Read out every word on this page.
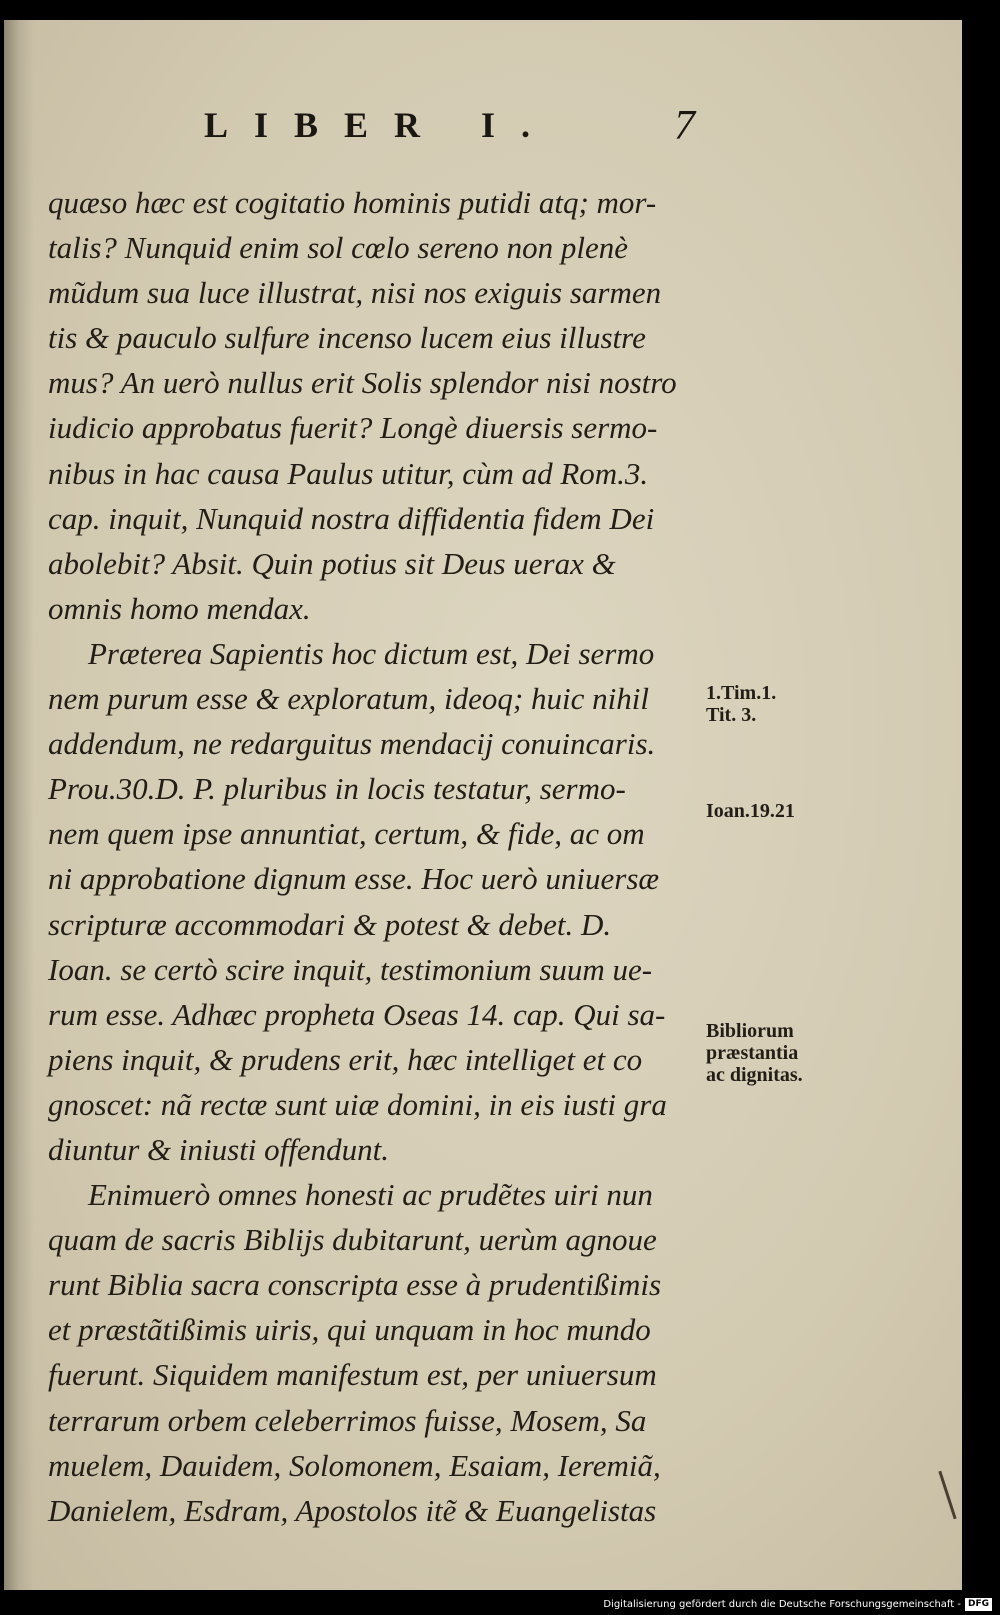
LIBER I.	7
quæso hæc est cogitatio hominis putidi atq; mor-
talis? Nunquid enim sol cœlo sereno non plenè
mũdum sua luce illustrat, nisi nos exiguis sarmen
tis & pauculo sulfure incenso lucem eius illustre
mus? An uerò nullus erit Solis splendor nisi nostro
iudicio approbatus fuerit? Longè diuersis sermo-
nibus in hac causa Paulus utitur, cùm ad Rom.3.
cap. inquit, Nunquid nostra diffidentia fidem Dei
abolebit? Absit. Quin potius sit Deus uerax &
omnis homo mendax.
Præterea Sapientis hoc dictum est, Dei sermo
nem purum esse & exploratum, ideoq; huic nihil
addendum, ne redarguitus mendacij conuincaris.
Prou.30.D. P. pluribus in locis testatur, sermo-
nem quem ipse annuntiat, certum, & fide, ac om
ni approbatione dignum esse. Hoc uerò uniuersæ
scripturæ accommodari & potest & debet. D.
Ioan. se certò scire inquit, testimonium suum ue-
rum esse. Adhæc propheta Oseas 14. cap. Qui sa-
piens inquit, & prudens erit, hæc intelliget et co
gnoscet: nã rectæ sunt uiæ domini, in eis iusti gra
diuntur & iniusti offendunt.
Enimuerò omnes honesti ac prudẽtes uiri nun
quam de sacris Biblijs dubitarunt, uerùm agnoue
runt Biblia sacra conscripta esse à prudentißimis
et præstãtißimis uiris, qui unquam in hoc mundo
fuerunt. Siquidem manifestum est, per uniuersum
terrarum orbem celeberrimos fuisse, Mosem, Sa
muelem, Dauidem, Solomonem, Esaiam, Ieremiã,
Danielem, Esdram, Apostolos itẽ & Euangelistas
1.Tim.1.
Tit. 3.
Ioan.19.21
Bibliorum
præstantia
ac dignitas.
Digitalisierung gefördert durch die Deutsche Forschungsgemeinschaft - DFG
